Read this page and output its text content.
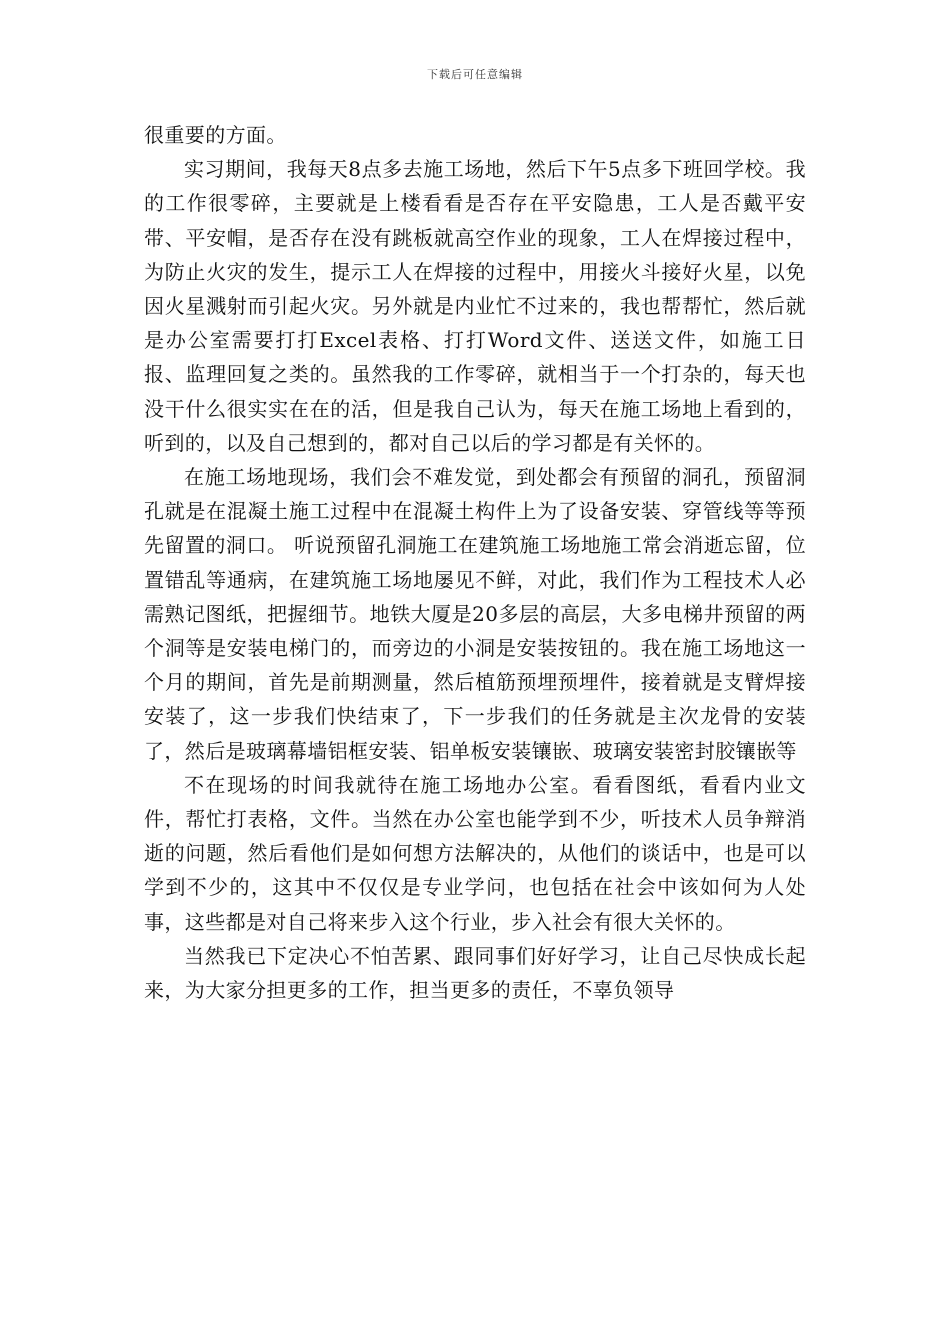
下载后可任意编辑

很重要的方面。

实习期间，我每天8点多去施工场地，然后下午5点多下班回学校。我的工作很零碎，主要就是上楼看看是否存在平安隐患，工人是否戴平安带、平安帽，是否存在没有跳板就高空作业的现象，工人在焊接过程中，为防止火灾的发生，提示工人在焊接的过程中，用接火斗接好火星，以免因火星溅射而引起火灾。另外就是内业忙不过来的，我也帮帮忙，然后就是办公室需要打打Excel表格、打打Word文件、送送文件，如施工日报、监理回复之类的。虽然我的工作零碎，就相当于一个打杂的，每天也没干什么很实实在在的活，但是我自己认为，每天在施工场地上看到的，听到的，以及自己想到的，都对自己以后的学习都是有关怀的。

在施工场地现场，我们会不难发觉，到处都会有预留的洞孔，预留洞孔就是在混凝土施工过程中在混凝土构件上为了设备安装、穿管线等等预先留置的洞口。 听说预留孔洞施工在建筑施工场地施工常会消逝忘留，位置错乱等通病，在建筑施工场地屡见不鲜，对此，我们作为工程技术人必需熟记图纸，把握细节。地铁大厦是20多层的高层，大多电梯井预留的两个洞等是安装电梯门的，而旁边的小洞是安装按钮的。我在施工场地这一个月的期间，首先是前期测量，然后植筋预埋预埋件，接着就是支臂焊接安装了，这一步我们快结束了，下一步我们的任务就是主次龙骨的安装了，然后是玻璃幕墙铝框安装、铝单板安装镶嵌、玻璃安装密封胶镶嵌等

不在现场的时间我就待在施工场地办公室。看看图纸，看看内业文件，帮忙打表格，文件。当然在办公室也能学到不少，听技术人员争辩消逝的问题，然后看他们是如何想方法解决的，从他们的谈话中，也是可以学到不少的，这其中不仅仅是专业学问，也包括在社会中该如何为人处事，这些都是对自己将来步入这个行业，步入社会有很大关怀的。

当然我已下定决心不怕苦累、跟同事们好好学习，让自己尽快成长起来，为大家分担更多的工作，担当更多的责任，不辜负领导
